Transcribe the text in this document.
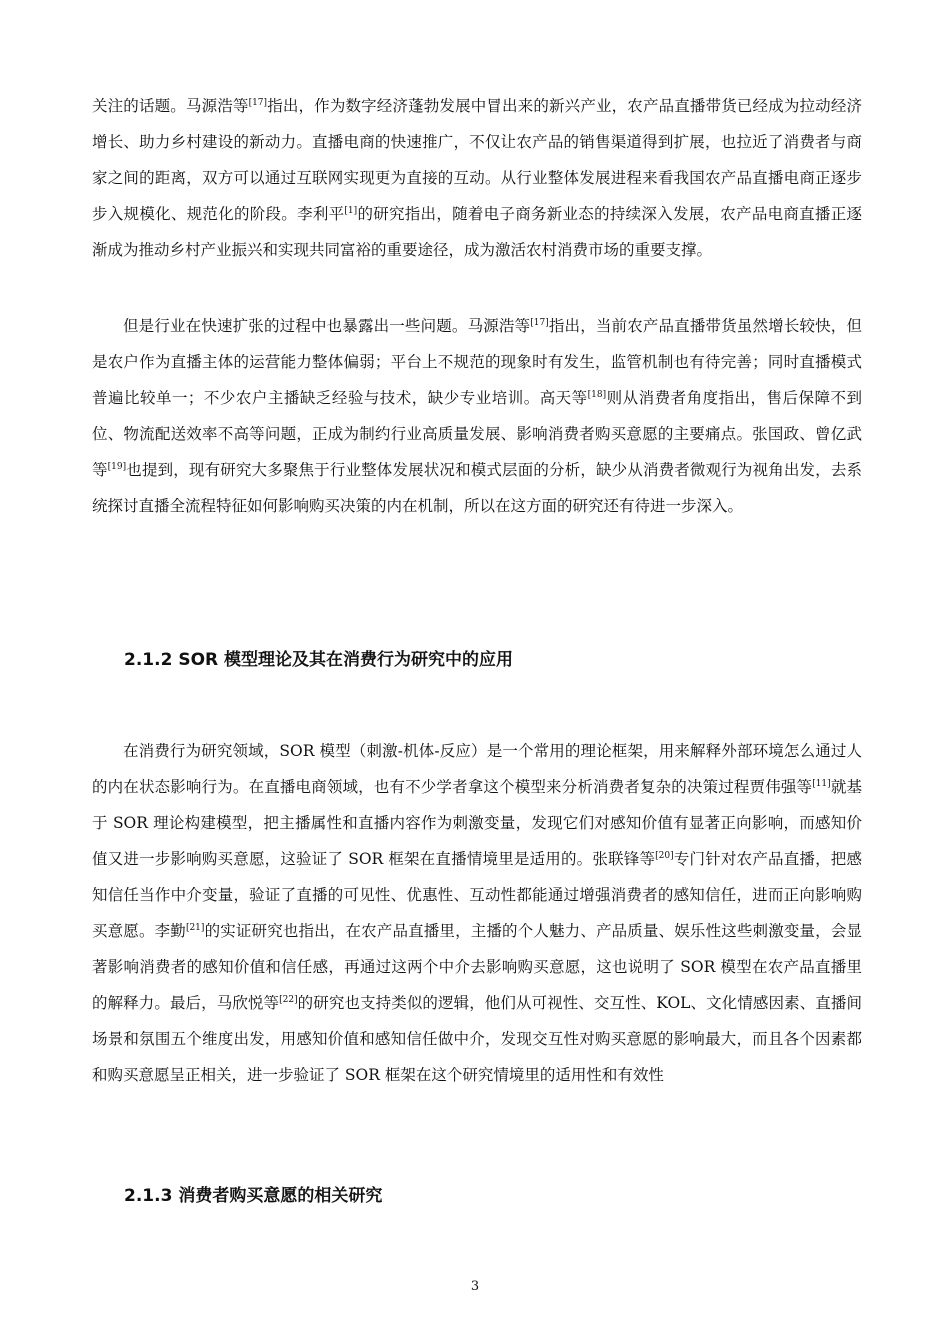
关注的话题。马源浩等[17]指出，作为数字经济蓬勃发展中冒出来的新兴产业，农产品直播带货已经成为拉动经济增长、助力乡村建设的新动力。直播电商的快速推广，不仅让农产品的销售渠道得到扩展，也拉近了消费者与商家之间的距离，双方可以通过互联网实现更为直接的互动。从行业整体发展进程来看我国农产品直播电商正逐步步入规模化、规范化的阶段。李利平[1]的研究指出，随着电子商务新业态的持续深入发展，农产品电商直播正逐渐成为推动乡村产业振兴和实现共同富裕的重要途径，成为激活农村消费市场的重要支撑。

但是行业在快速扩张的过程中也暴露出一些问题。马源浩等[17]指出，当前农产品直播带货虽然增长较快，但是农户作为直播主体的运营能力整体偏弱；平台上不规范的现象时有发生，监管机制也有待完善；同时直播模式普遍比较单一；不少农户主播缺乏经验与技术，缺少专业培训。高天等[18]则从消费者角度指出，售后保障不到位、物流配送效率不高等问题，正成为制约行业高质量发展、影响消费者购买意愿的主要痛点。张国政、曾亿武等[19]也提到，现有研究大多聚焦于行业整体发展状况和模式层面的分析，缺少从消费者微观行为视角出发，去系统探讨直播全流程特征如何影响购买决策的内在机制，所以在这方面的研究还有待进一步深入。

2.1.2 SOR 模型理论及其在消费行为研究中的应用

在消费行为研究领域，SOR 模型（刺激-机体-反应）是一个常用的理论框架，用来解释外部环境怎么通过人的内在状态影响行为。在直播电商领域，也有不少学者拿这个模型来分析消费者复杂的决策过程贾伟强等[11]就基于 SOR 理论构建模型，把主播属性和直播内容作为刺激变量，发现它们对感知价值有显著正向影响，而感知价值又进一步影响购买意愿，这验证了 SOR 框架在直播情境里是适用的。张联锋等[20]专门针对农产品直播，把感知信任当作中介变量，验证了直播的可见性、优惠性、互动性都能通过增强消费者的感知信任，进而正向影响购买意愿。李勤[21]的实证研究也指出，在农产品直播里，主播的个人魅力、产品质量、娱乐性这些刺激变量，会显著影响消费者的感知价值和信任感，再通过这两个中介去影响购买意愿，这也说明了 SOR 模型在农产品直播里的解释力。最后，马欣悦等[22]的研究也支持类似的逻辑，他们从可视性、交互性、KOL、文化情感因素、直播间场景和氛围五个维度出发，用感知价值和感知信任做中介，发现交互性对购买意愿的影响最大，而且各个因素都和购买意愿呈正相关，进一步验证了 SOR 框架在这个研究情境里的适用性和有效性

2.1.3 消费者购买意愿的相关研究

3
